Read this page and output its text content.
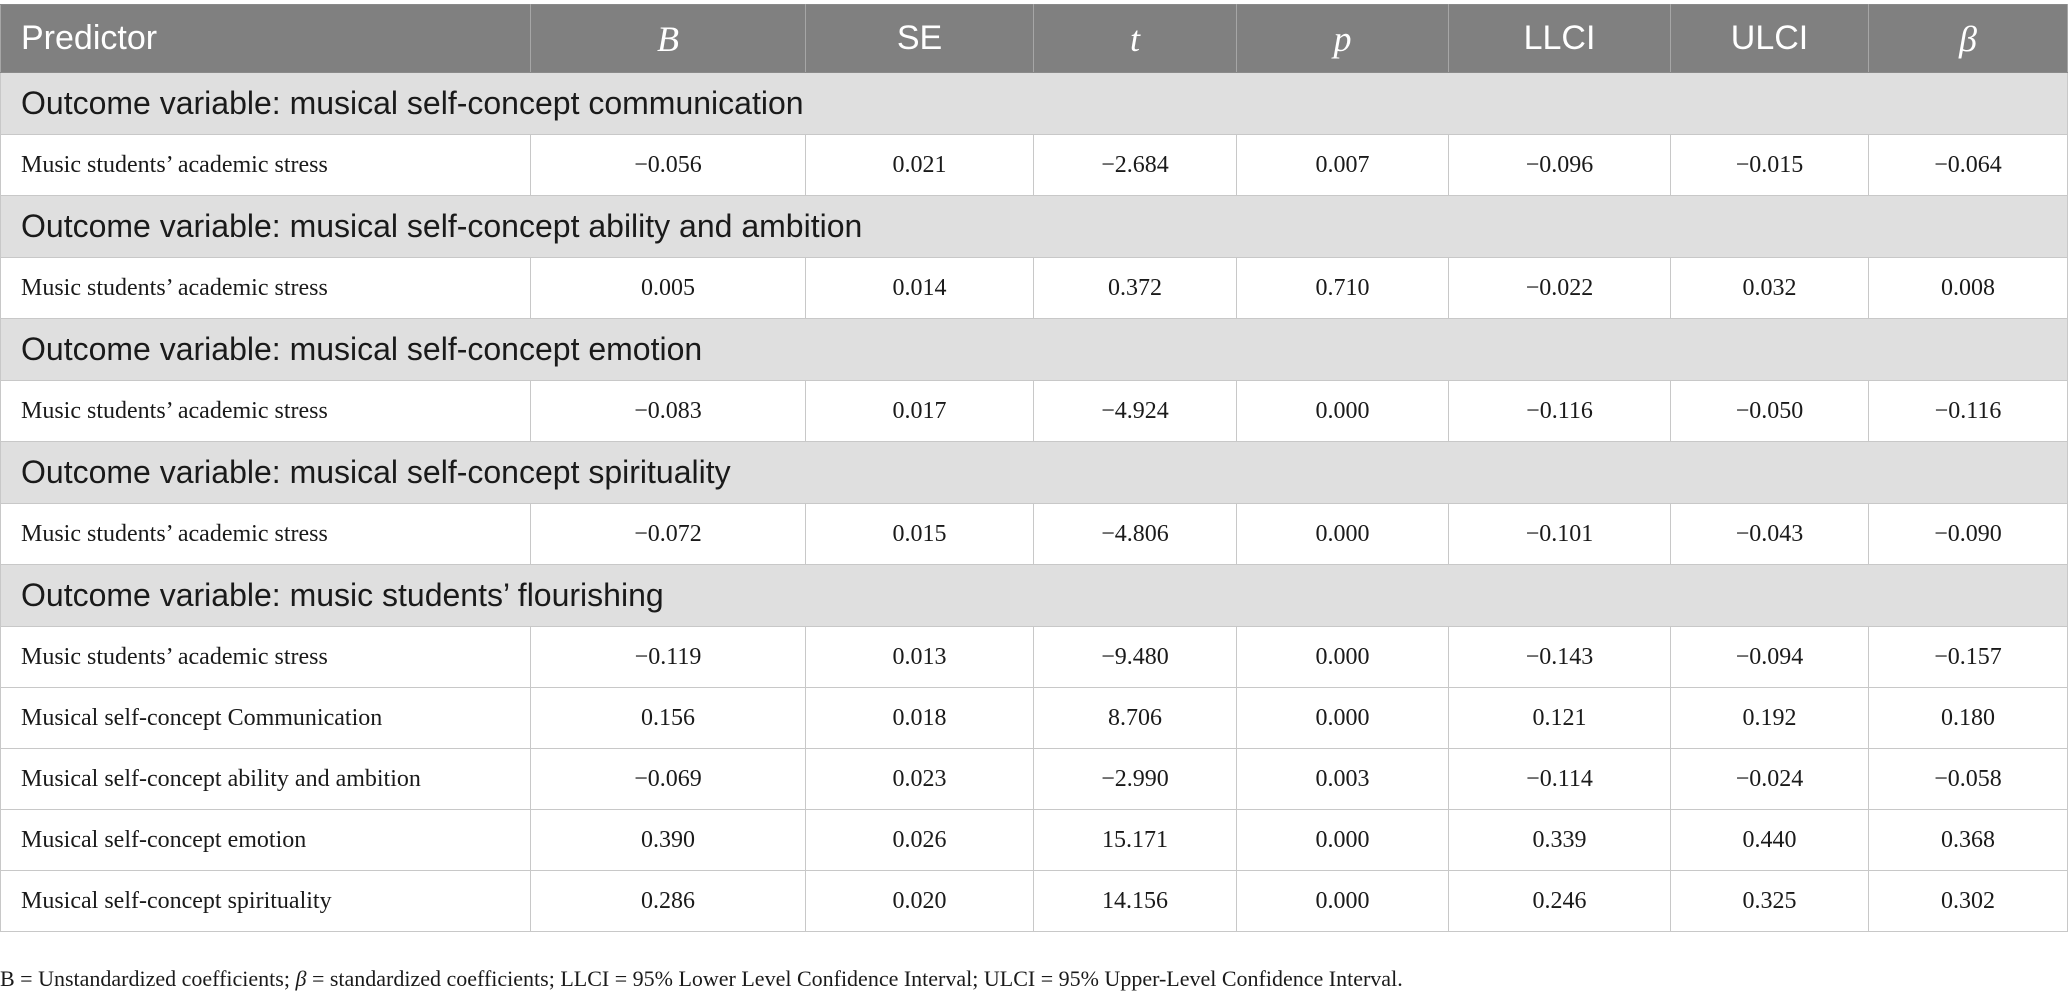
Predictor	B	SE	t	p	LLCI	ULCI	β
Outcome variable: musical self-concept communication							
Music students’ academic stress	−0.056	0.021	−2.684	0.007	−0.096	−0.015	−0.064
Outcome variable: musical self-concept ability and ambition							
Music students’ academic stress	0.005	0.014	0.372	0.710	−0.022	0.032	0.008
Outcome variable: musical self-concept emotion							
Music students’ academic stress	−0.083	0.017	−4.924	0.000	−0.116	−0.050	−0.116
Outcome variable: musical self-concept spirituality							
Music students’ academic stress	−0.072	0.015	−4.806	0.000	−0.101	−0.043	−0.090
Outcome variable: music students’ flourishing							
Music students’ academic stress	−0.119	0.013	−9.480	0.000	−0.143	−0.094	−0.157
Musical self-concept Communication	0.156	0.018	8.706	0.000	0.121	0.192	0.180
Musical self-concept ability and ambition	−0.069	0.023	−2.990	0.003	−0.114	−0.024	−0.058
Musical self-concept emotion	0.390	0.026	15.171	0.000	0.339	0.440	0.368
Musical self-concept spirituality	0.286	0.020	14.156	0.000	0.246	0.325	0.302
B = Unstandardized coefficients; β = standardized coefficients; LLCI = 95% Lower Level Confidence Interval; ULCI = 95% Upper-Level Confidence Interval.
